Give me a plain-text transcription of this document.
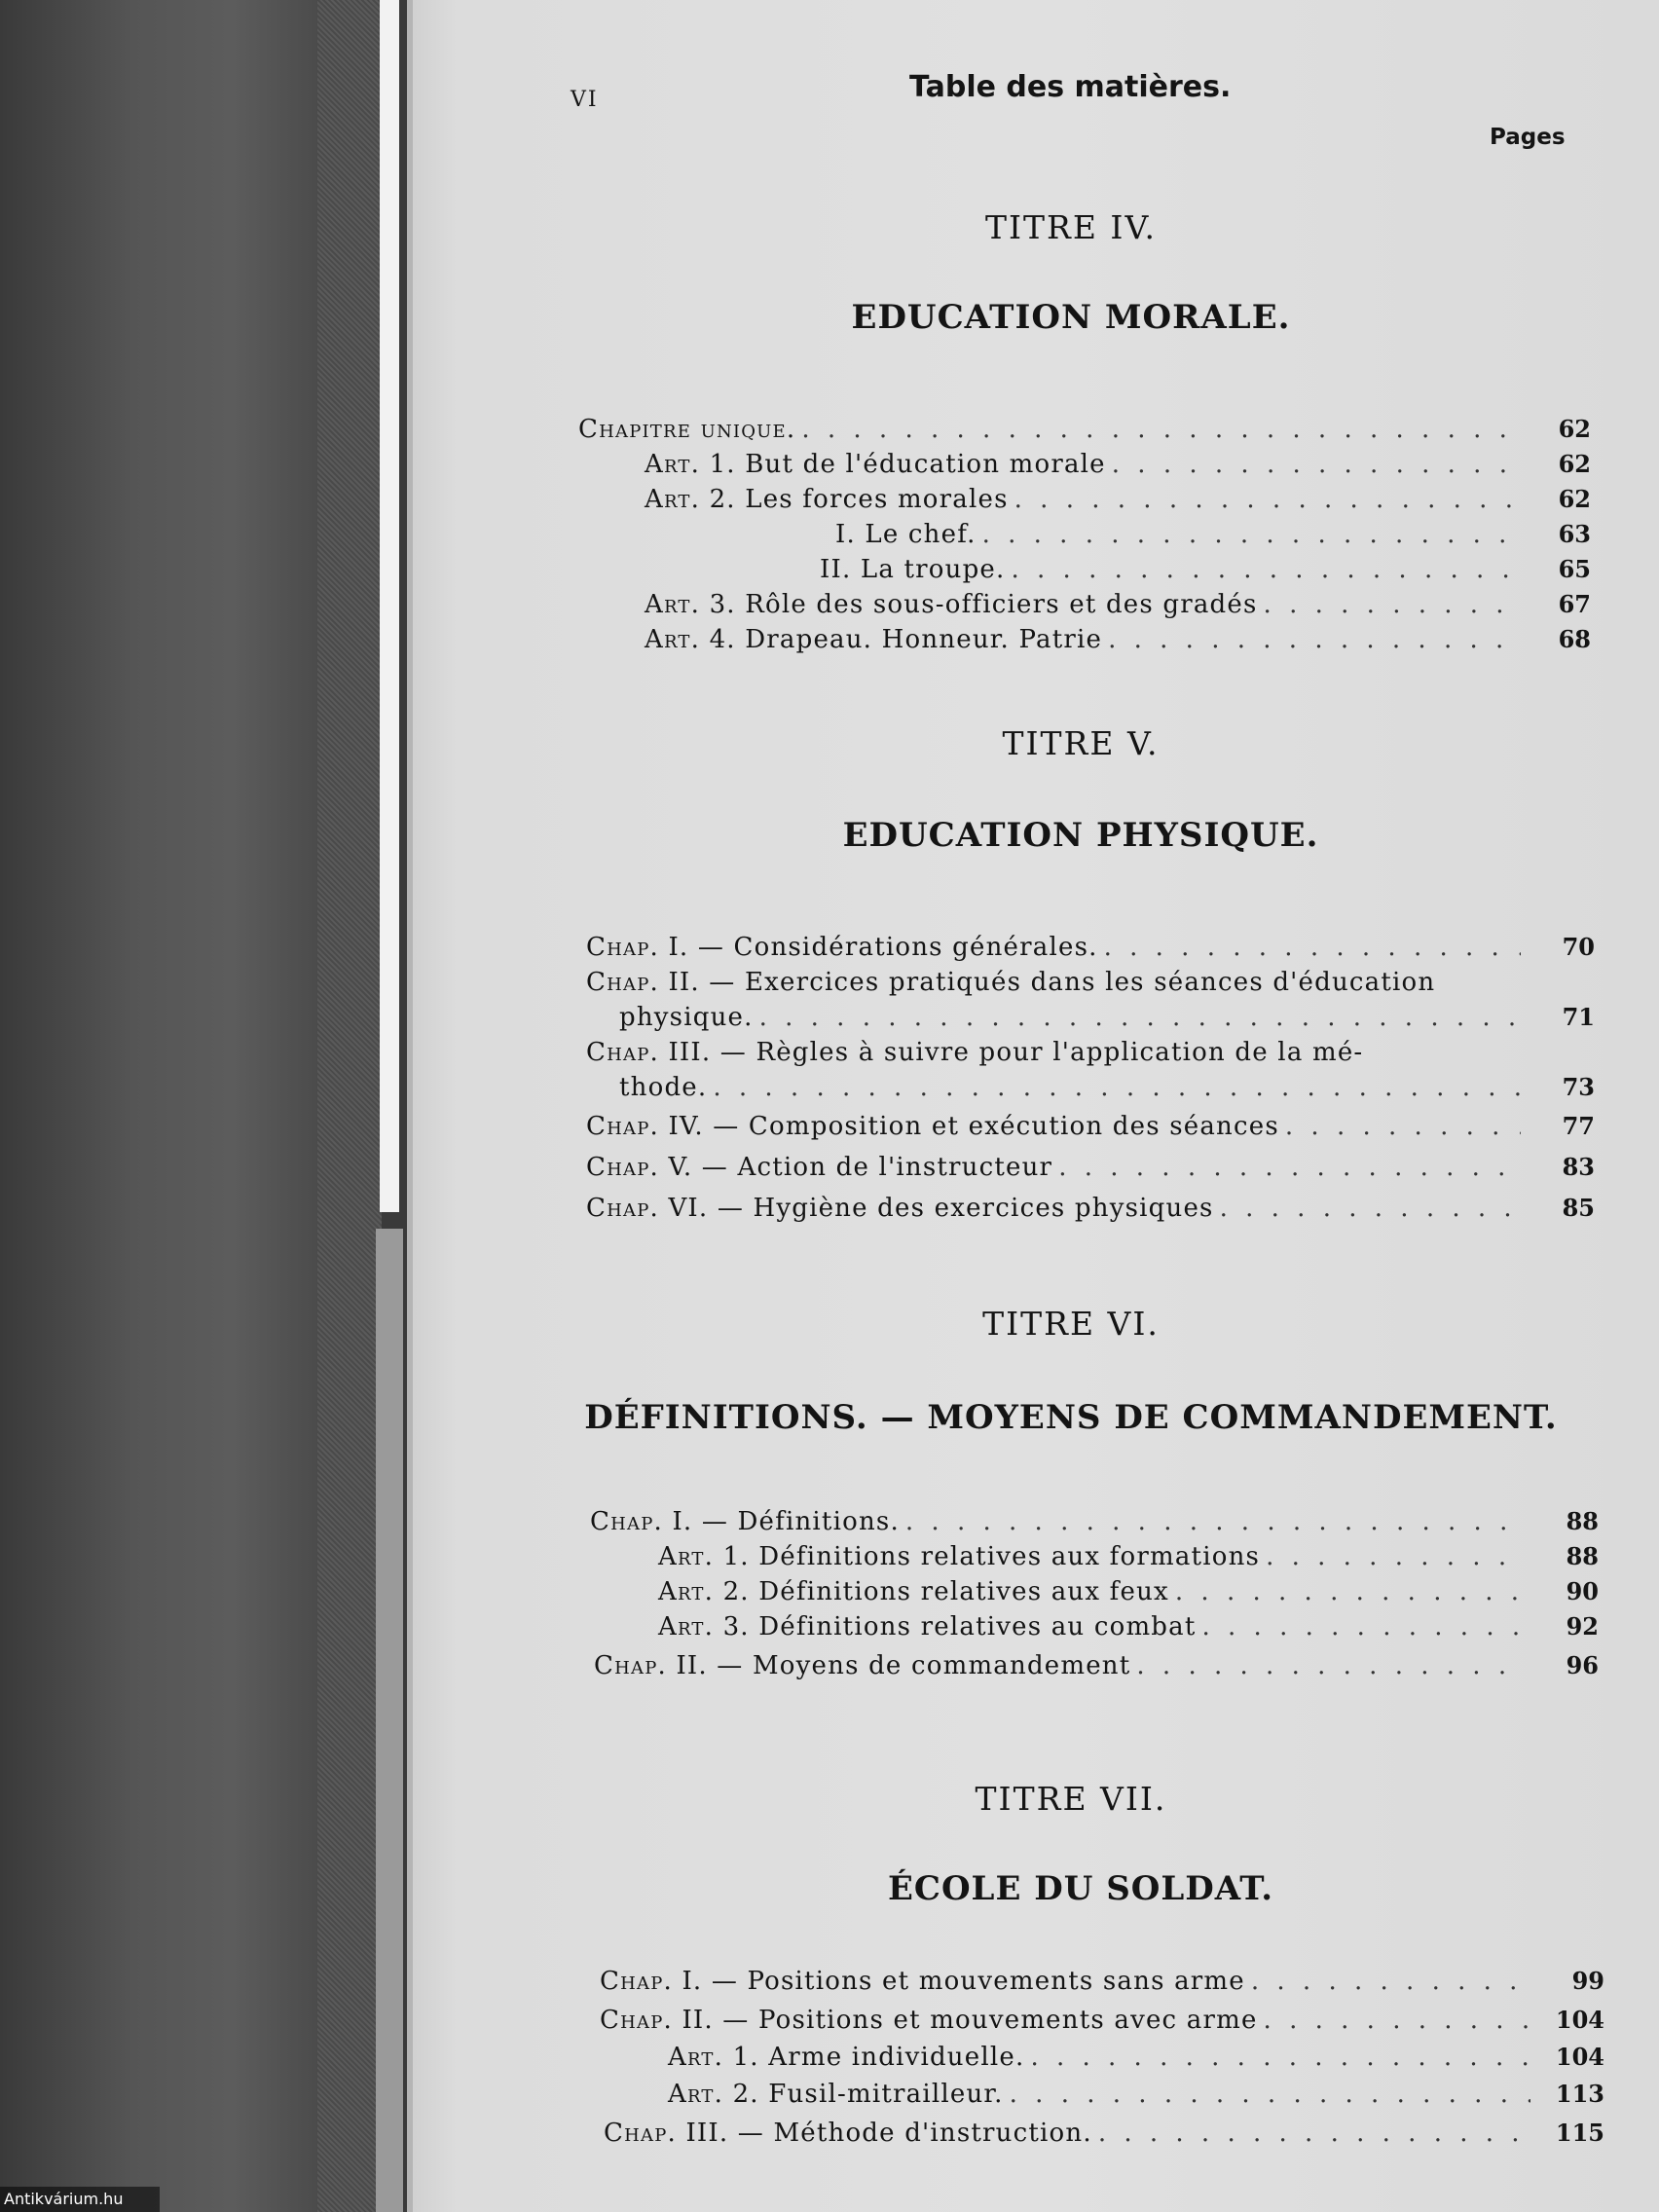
VI	Table des matières.
Pages
TITRE IV.
EDUCATION MORALE.
Chapitre unique. . . .	62
Art. 1. But de l'éducation morale . . .	62
Art. 2. Les forces morales . . .	62
I. Le chef. . . .	63
II. La troupe. . . .	65
Art. 3. Rôle des sous-officiers et des gradés . . .	67
Art. 4. Drapeau. Honneur. Patrie . . .	68
TITRE V.
EDUCATION PHYSIQUE.
Chap. I. — Considérations générales. . . .	70
Chap. II. — Exercices pratiqués dans les séances d'éducation
physique. . . .	71
Chap. III. — Règles à suivre pour l'application de la mé-
thode. . . .	73
Chap. IV. — Composition et exécution des séances . . .	77
Chap. V. — Action de l'instructeur . . .	83
Chap. VI. — Hygiène des exercices physiques . . .	85
TITRE VI.
DÉFINITIONS. — MOYENS DE COMMANDEMENT.
Chap. I. — Définitions. . . .	88
Art. 1. Définitions relatives aux formations . . .	88
Art. 2. Définitions relatives aux feux . . .	90
Art. 3. Définitions relatives au combat . . .	92
Chap. II. — Moyens de commandement . . .	96
TITRE VII.
ÉCOLE DU SOLDAT.
Chap. I. — Positions et mouvements sans arme . . .	99
Chap. II. — Positions et mouvements avec arme . . .	104
Art. 1. Arme individuelle. . . .	104
Art. 2. Fusil-mitrailleur. . . .	113
Chap. III. — Méthode d'instruction. . . .	115
Antikvárium.hu
